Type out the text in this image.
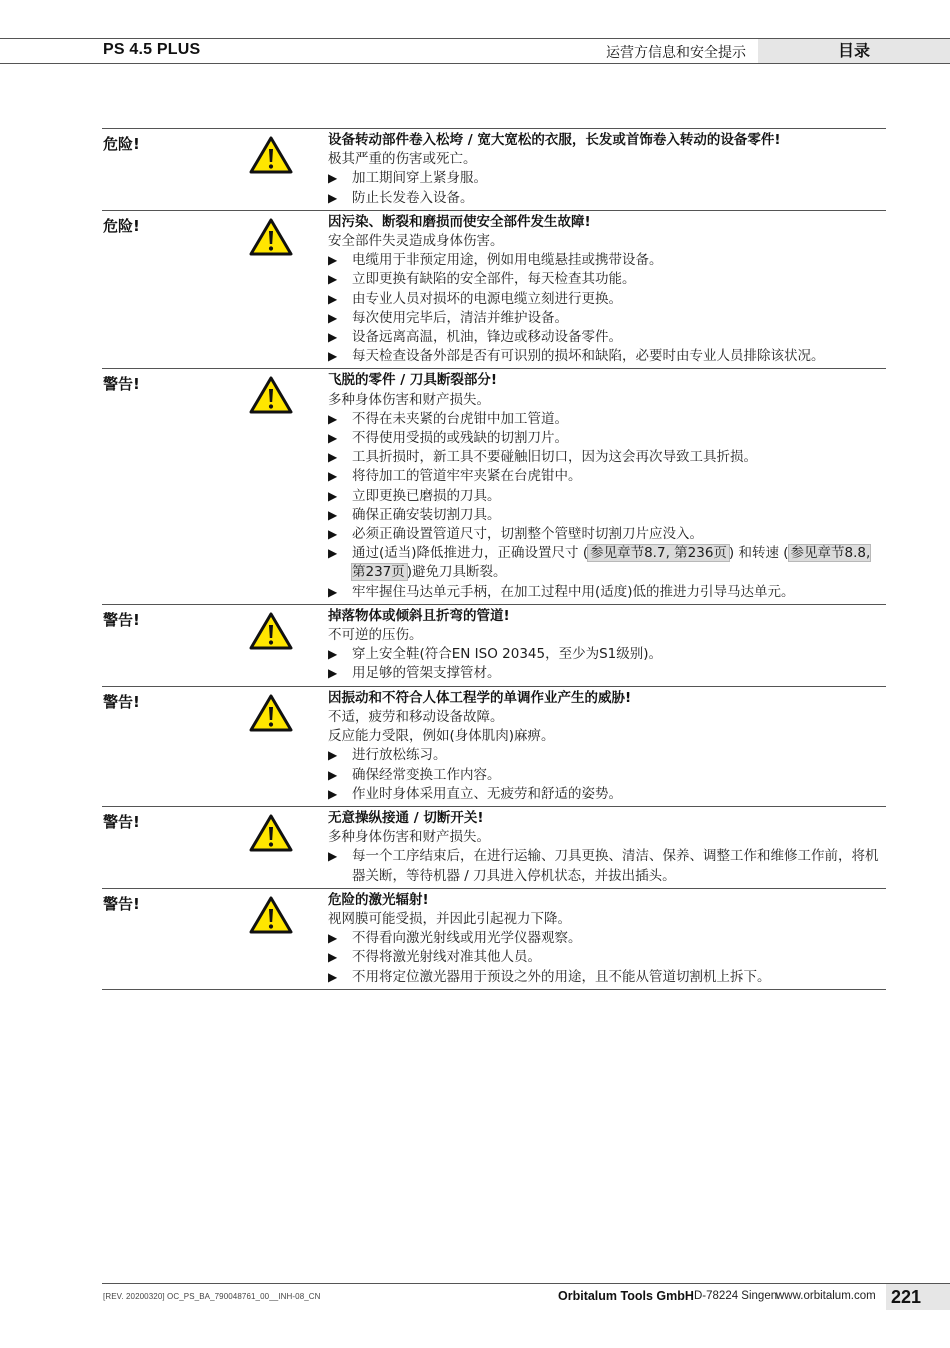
PS 4.5 PLUS	运营方信息和安全提示	目录
危险!	设备转动部件卷入松垮 / 宽大宽松的衣服，长发或首饰卷入转动的设备零件!
极其严重的伤害或死亡。
▶ 加工期间穿上紧身服。
▶ 防止长发卷入设备。
危险!	因污染、断裂和磨损而使安全部件发生故障!
安全部件失灵造成身体伤害。
▶ 电缆用于非预定用途，例如用电缆悬挂或携带设备。
▶ 立即更换有缺陷的安全部件，每天检查其功能。
▶ 由专业人员对损坏的电源电缆立刻进行更换。
▶ 每次使用完毕后，清洁并维护设备。
▶ 设备远离高温，机油，锋边或移动设备零件。
▶ 每天检查设备外部是否有可识别的损坏和缺陷，必要时由专业人员排除该状况。
警告!	飞脱的零件 / 刀具断裂部分!
多种身体伤害和财产损失。
▶ 不得在未夹紧的台虎钳中加工管道。
▶ 不得使用受损的或残缺的切割刀片。
▶ 工具折损时，新工具不要碰触旧切口，因为这会再次导致工具折损。
▶ 将待加工的管道牢牢夹紧在台虎钳中。
▶ 立即更换已磨损的刀具。
▶ 确保正确安装切割刀具。
▶ 必须正确设置管道尺寸，切割整个管壁时切割刀片应没入。
▶ 通过(适当)降低推进力，正确设置尺寸 ( 参见章节8.7, 第236页 ) 和转速 ( 参见章节8.8, 第237页 )避免刀具断裂。
▶ 牢牢握住马达单元手柄，在加工过程中用(适度)低的推进力引导马达单元。
警告!	掉落物体或倾斜且折弯的管道!
不可逆的压伤。
▶ 穿上安全鞋(符合EN ISO 20345，至少为S1级别)。
▶ 用足够的管架支撑管材。
警告!	因振动和不符合人体工程学的单调作业产生的威胁!
不适，疲劳和移动设备故障。
反应能力受限，例如(身体肌肉)麻痹。
▶ 进行放松练习。
▶ 确保经常变换工作内容。
▶ 作业时身体采用直立、无疲劳和舒适的姿势。
警告!	无意操纵接通 / 切断开关!
多种身体伤害和财产损失。
▶ 每一个工序结束后，在进行运输、刀具更换、清洁、保养、调整工作和维修工作前，将机器关断，等待机器 / 刀具进入停机状态，并拔出插头。
警告!	危险的激光辐射!
视网膜可能受损，并因此引起视力下降。
▶ 不得看向激光射线或用光学仪器观察。
▶ 不得将激光射线对准其他人员。
▶ 不用将定位激光器用于预设之外的用途，且不能从管道切割机上拆下。
[REV. 20200320] OC_PS_BA_790048761_00__INH-08_CN	Orbitalum Tools GmbH D-78224 Singen
www.orbitalum.com 221
